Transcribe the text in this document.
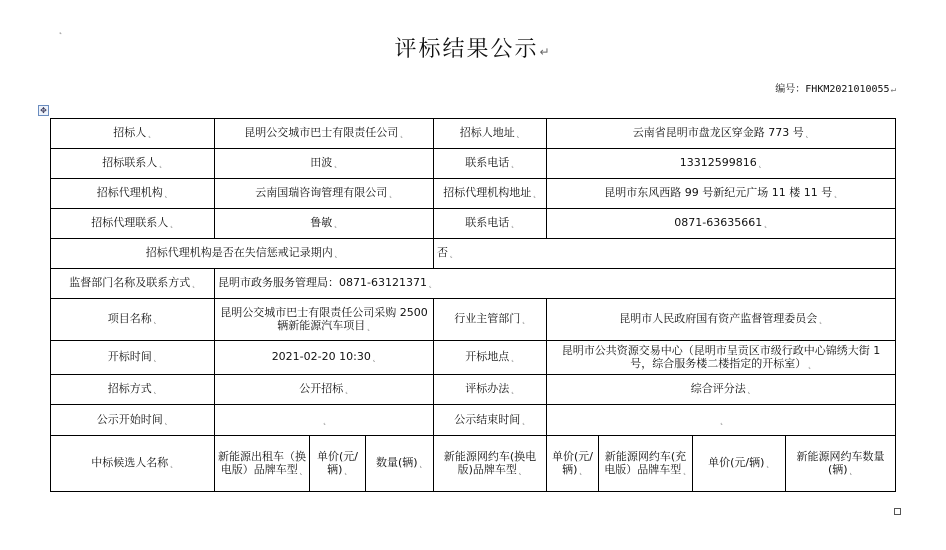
˛
评标结果公示↵
编号：FHKM2021010055↵
✥
招标人˛	昆明公交城市巴士有限责任公司˛			招标人地址˛	云南省昆明市盘龙区穿金路 773 号˛			
招标联系人˛	田波˛			联系电话˛	13312599816˛			
招标代理机构˛	云南国瑞咨询管理有限公司˛			招标代理机构地址˛	昆明市东风西路 99 号新纪元广场 11 楼 11 号˛			
招标代理联系人˛	鲁敏˛			联系电话˛	0871-63635661˛			
招标代理机构是否在失信惩戒记录期内˛				否˛				
监督部门名称及联系方式˛	昆明市政务服务管理局：0871-63121371˛							
项目名称˛	昆明公交城市巴士有限责任公司采购 2500 辆新能源汽车项目˛			行业主管部门˛	昆明市人民政府国有资产监督管理委员会˛			
开标时间˛	2021-02-20 10:30˛			开标地点˛	昆明市公共资源交易中心（昆明市呈贡区市级行政中心锦绣大街 1 号，综合服务楼二楼指定的开标室）˛			
招标方式˛	公开招标˛			评标办法˛	综合评分法˛			
公示开始时间˛	˛			公示结束时间˛	˛			
中标候选人名称˛	新能源出租车（换电版）品牌车型˛	单价(元/辆)˛	数量(辆)˛	新能源网约车(换电版)品牌车型˛	单价(元/辆)˛	新能源网约车(充电版）品牌车型˛	单价(元/辆)˛	新能源网约车数量(辆)˛
